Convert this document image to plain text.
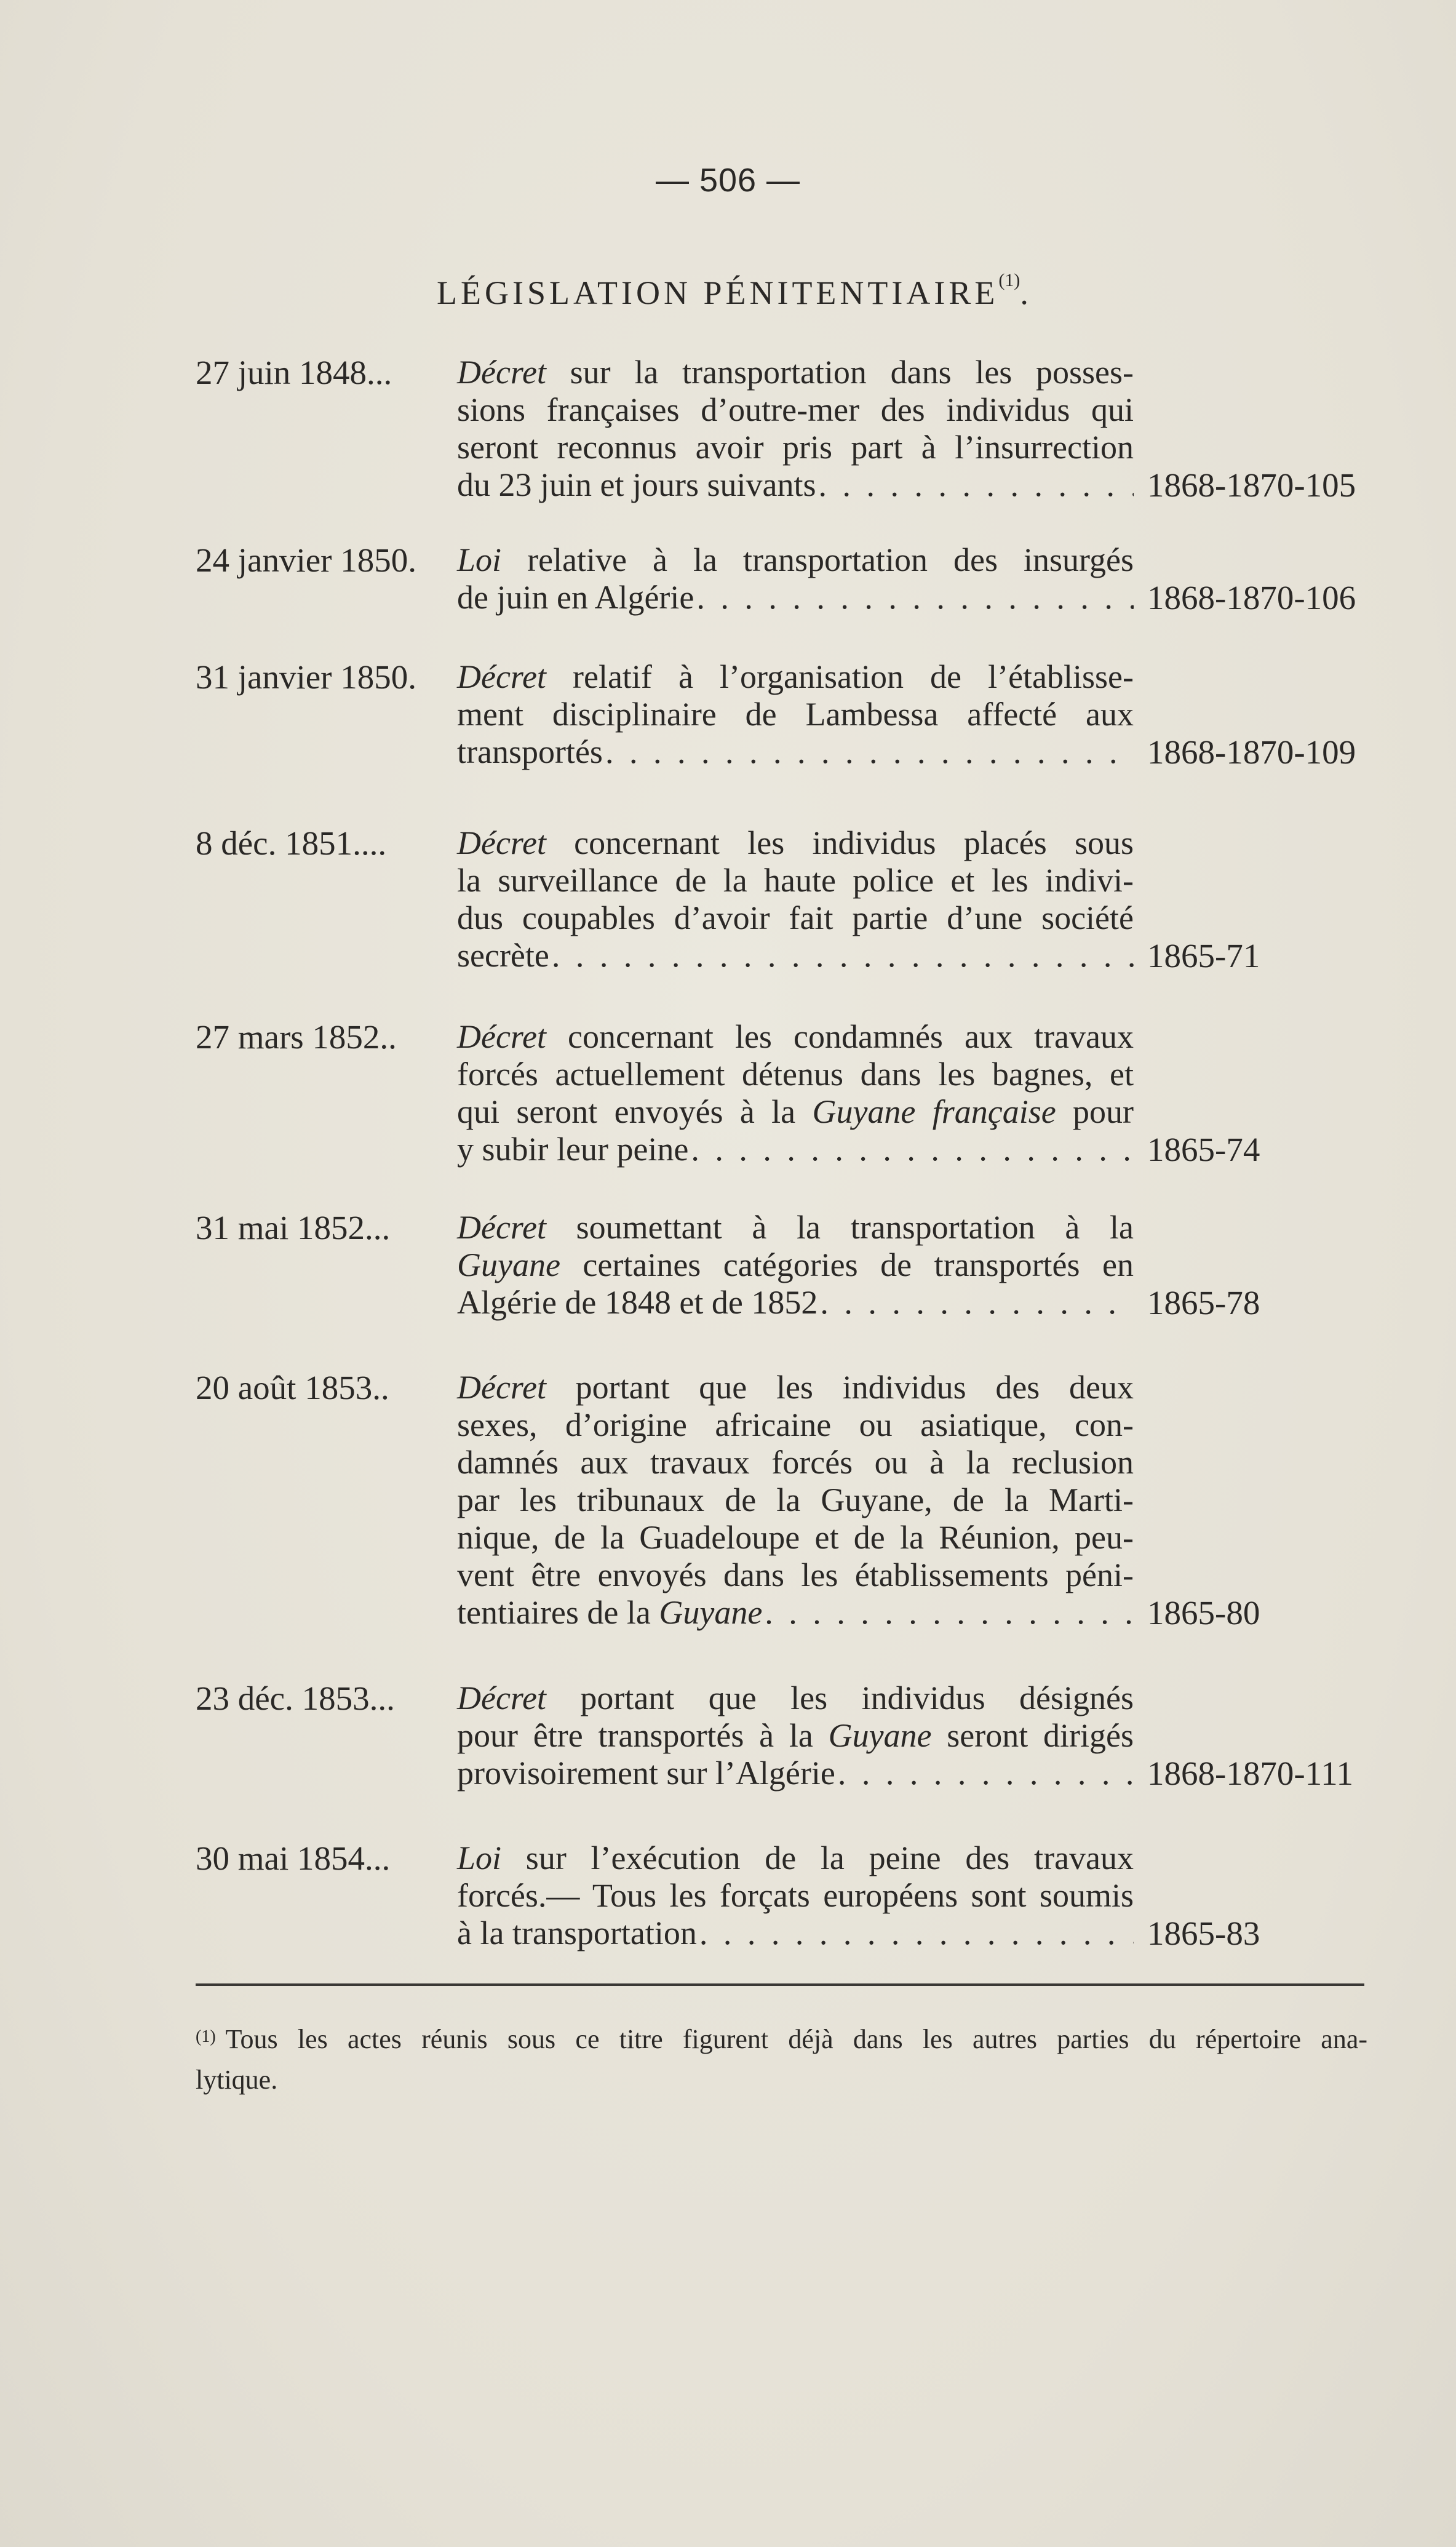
— 506 —
LÉGISLATION PÉNITENTIAIRE$^{(1)}$.
27 juin 1848... Décret sur la transportation dans les posses-
sions françaises d’outre-mer des individus qui
seront reconnus avoir pris part à l’insurrection
du 23 juin et jours suivants . . .	1868-1870-105
24 janvier 1850. Loi relative à la transportation des insurgés
de juin en Algérie . . .	1868-1870-106
31 janvier 1850. Décret relatif à l’organisation de l’établisse-
ment disciplinaire de Lambessa affecté aux
transportés . . .	1868-1870-109
8 déc. 1851.... Décret concernant les individus placés sous
la surveillance de la haute police et les indivi-
dus coupables d’avoir fait partie d’une société
secrète . . .	1865-71
27 mars 1852.. Décret concernant les condamnés aux travaux
forcés actuellement détenus dans les bagnes, et
qui seront envoyés à la Guyane française pour
y subir leur peine . . .	1865-74
31 mai 1852... Décret soumettant à la transportation à la
Guyane certaines catégories de transportés en
Algérie de 1848 et de 1852 . . .	1865-78
20 août 1853.. Décret portant que les individus des deux
sexes, d’origine africaine ou asiatique, con-
damnés aux travaux forcés ou à la reclusion
par les tribunaux de la Guyane, de la Marti-
nique, de la Guadeloupe et de la Réunion, peu-
vent être envoyés dans les établissements péni-
tentiaires de la Guyane . . .	1865-80
23 déc. 1853... Décret portant que les individus désignés
pour être transportés à la Guyane seront dirigés
provisoirement sur l’Algérie . . .	1868-1870-111
30 mai 1854... Loi sur l’exécution de la peine des travaux
forcés.— Tous les forçats européens sont soumis
à la transportation . . .	1865-83
$^{(1)}$ Tous les actes réunis sous ce titre figurent déjà dans les autres parties du répertoire ana-
lytique.
